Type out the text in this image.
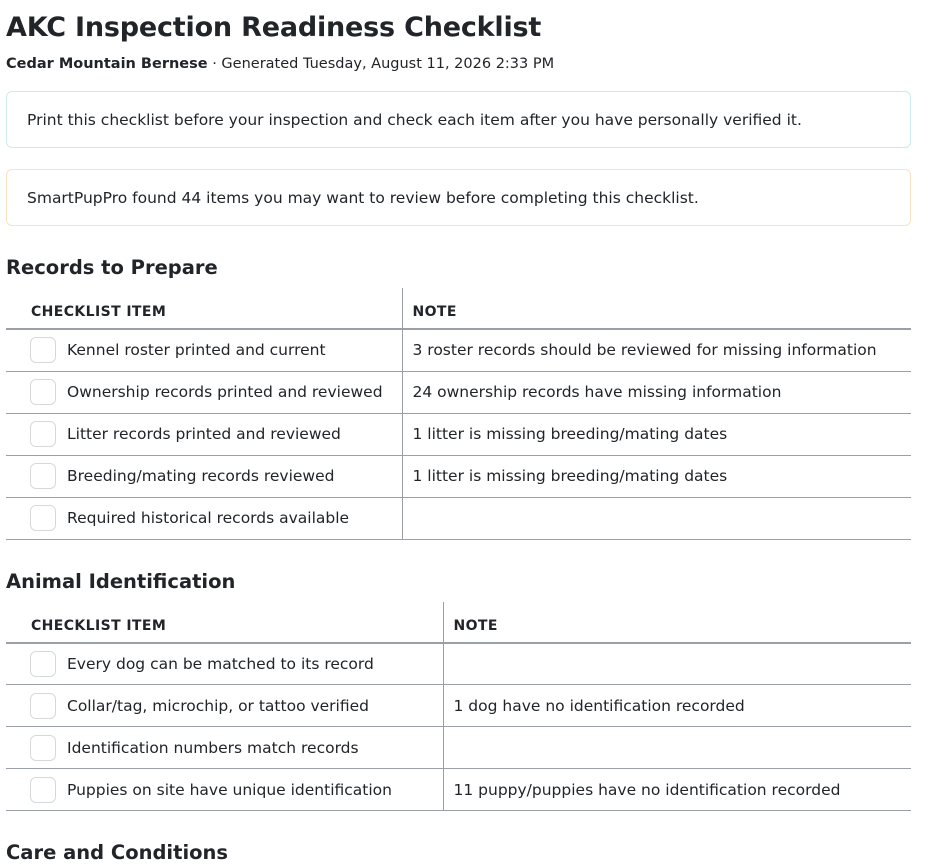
AKC Inspection Readiness Checklist
Cedar Mountain Bernese · Generated Tuesday, August 11, 2026 2:33 PM
Print this checklist before your inspection and check each item after you have personally verified it.
SmartPupPro found 44 items you may want to review before completing this checklist.
Records to Prepare
CHECKLIST ITEM	NOTE
Kennel roster printed and current	3 roster records should be reviewed for missing information
Ownership records printed and reviewed	24 ownership records have missing information
Litter records printed and reviewed	1 litter is missing breeding/mating dates
Breeding/mating records reviewed	1 litter is missing breeding/mating dates
Required historical records available	
Animal Identification
CHECKLIST ITEM	NOTE
Every dog can be matched to its record	
Collar/tag, microchip, or tattoo verified	1 dog have no identification recorded
Identification numbers match records	
Puppies on site have unique identification	11 puppy/puppies have no identification recorded
Care and Conditions
